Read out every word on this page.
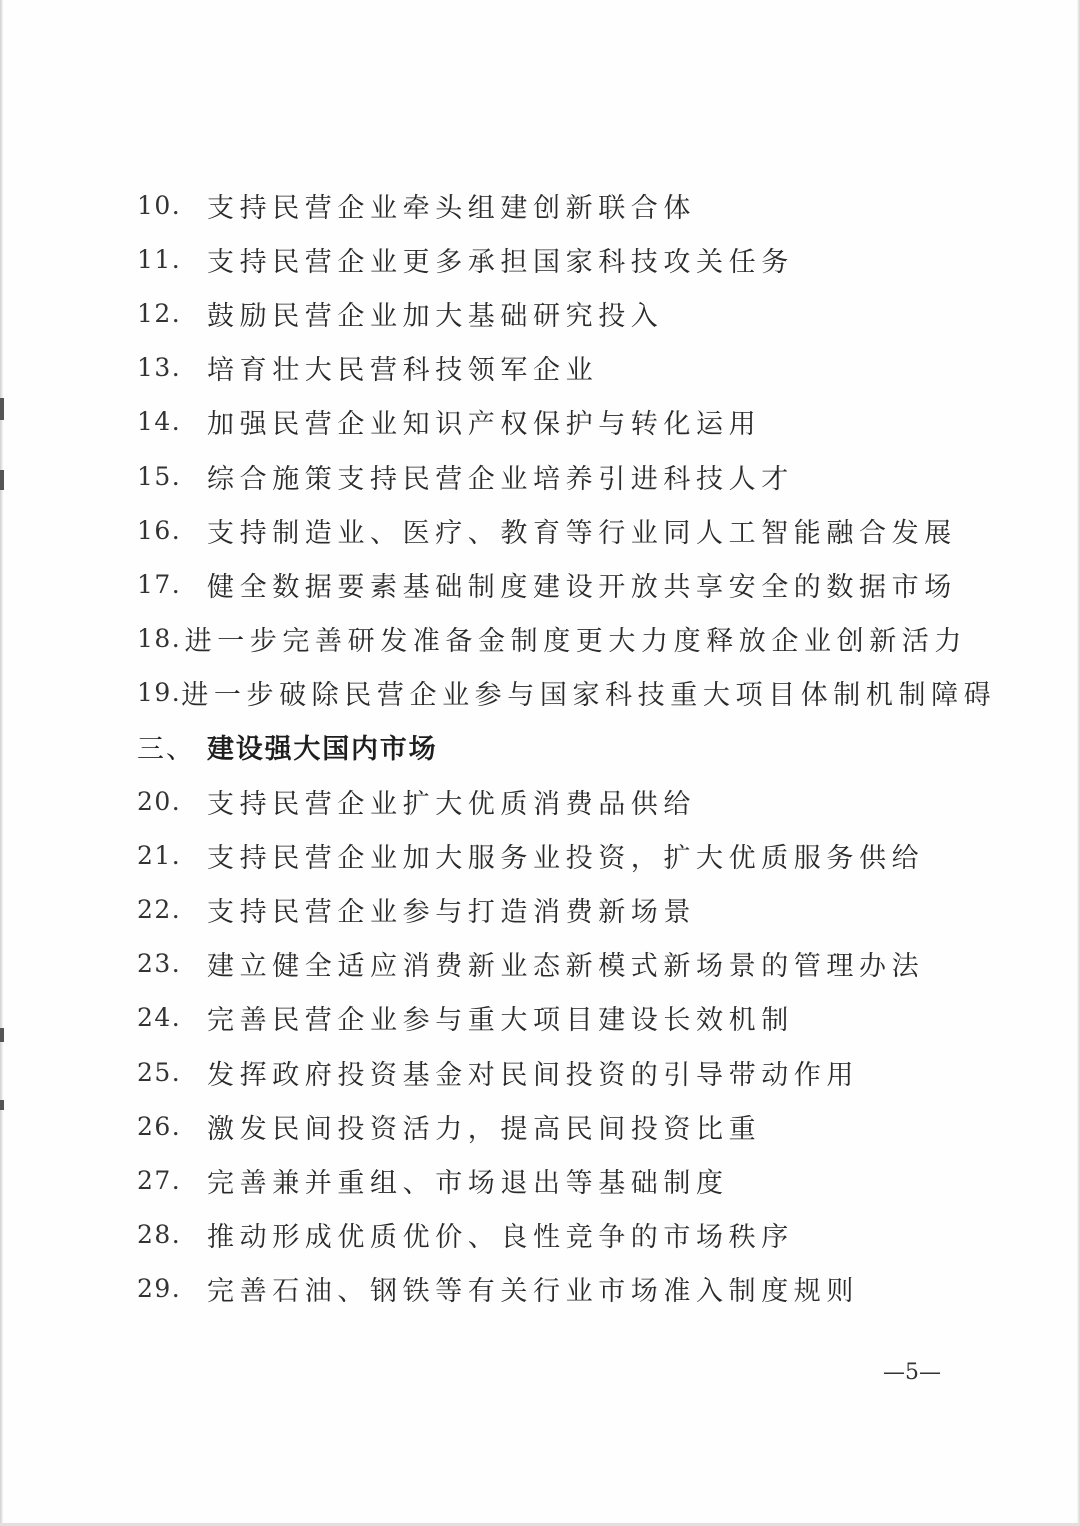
10. 支持民营企业牵头组建创新联合体
11. 支持民营企业更多承担国家科技攻关任务
12. 鼓励民营企业加大基础研究投入
13. 培育壮大民营科技领军企业
14. 加强民营企业知识产权保护与转化运用
15. 综合施策支持民营企业培养引进科技人才
16. 支持制造业、医疗、教育等行业同人工智能融合发展
17. 健全数据要素基础制度建设开放共享安全的数据市场
18. 进一步完善研发准备金制度更大力度释放企业创新活力
19. 进一步破除民营企业参与国家科技重大项目体制机制障碍
三、 建设强大国内市场
20. 支持民营企业扩大优质消费品供给
21. 支持民营企业加大服务业投资，扩大优质服务供给
22. 支持民营企业参与打造消费新场景
23. 建立健全适应消费新业态新模式新场景的管理办法
24. 完善民营企业参与重大项目建设长效机制
25. 发挥政府投资基金对民间投资的引导带动作用
26. 激发民间投资活力，提高民间投资比重
27. 完善兼并重组、市场退出等基础制度
28. 推动形成优质优价、良性竞争的市场秩序
29. 完善石油、钢铁等有关行业市场准入制度规则
—5—
